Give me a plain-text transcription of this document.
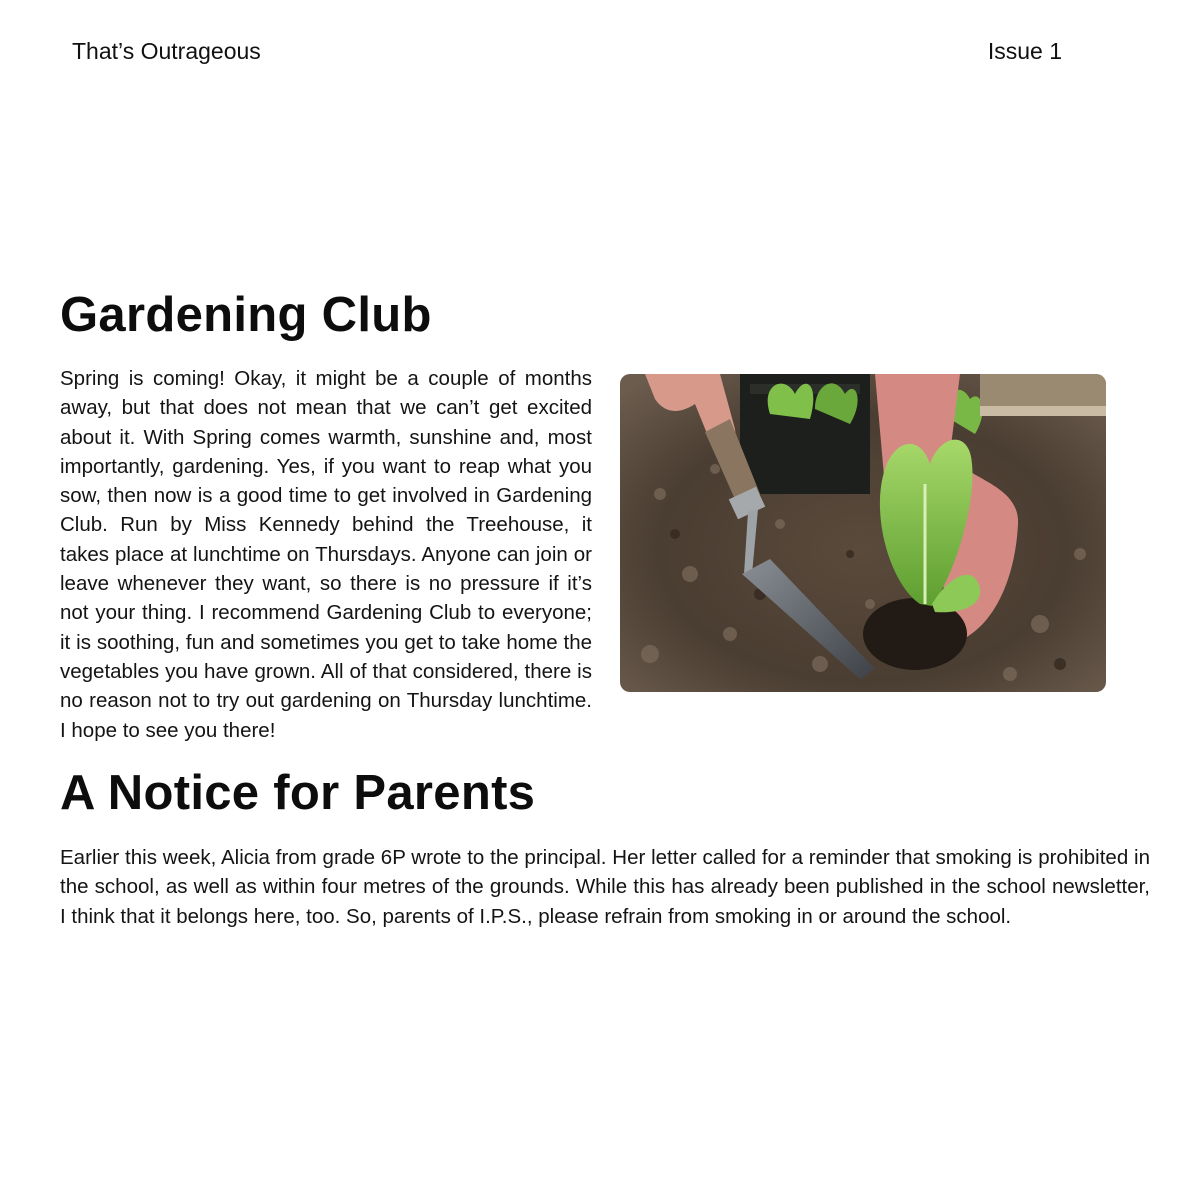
That’s Outrageous	Issue 1
Gardening Club
Spring is coming! Okay, it might be a couple of months away, but that does not mean that we can’t get excited about it. With Spring comes warmth, sunshine and, most importantly, gardening. Yes, if you want to reap what you sow, then now is a good time to get involved in Gardening Club. Run by Miss Kennedy behind the Treehouse, it takes place at lunchtime on Thursdays. Anyone can join or leave whenever they want, so there is no pressure if it’s not your thing. I recommend Gardening Club to everyone; it is soothing, fun and sometimes you get to take home the vegetables you have grown. All of that considered, there is no reason not to try out gardening on Thursday lunchtime. I hope to see you there!
A Notice for Parents
Earlier this week, Alicia from grade 6P wrote to the principal. Her letter called for a reminder that smoking is prohibited in the school, as well as within four metres of the grounds. While this has already been published in the school newsletter, I think that it belongs here, too. So, parents of I.P.S., please refrain from smoking in or around the school.
